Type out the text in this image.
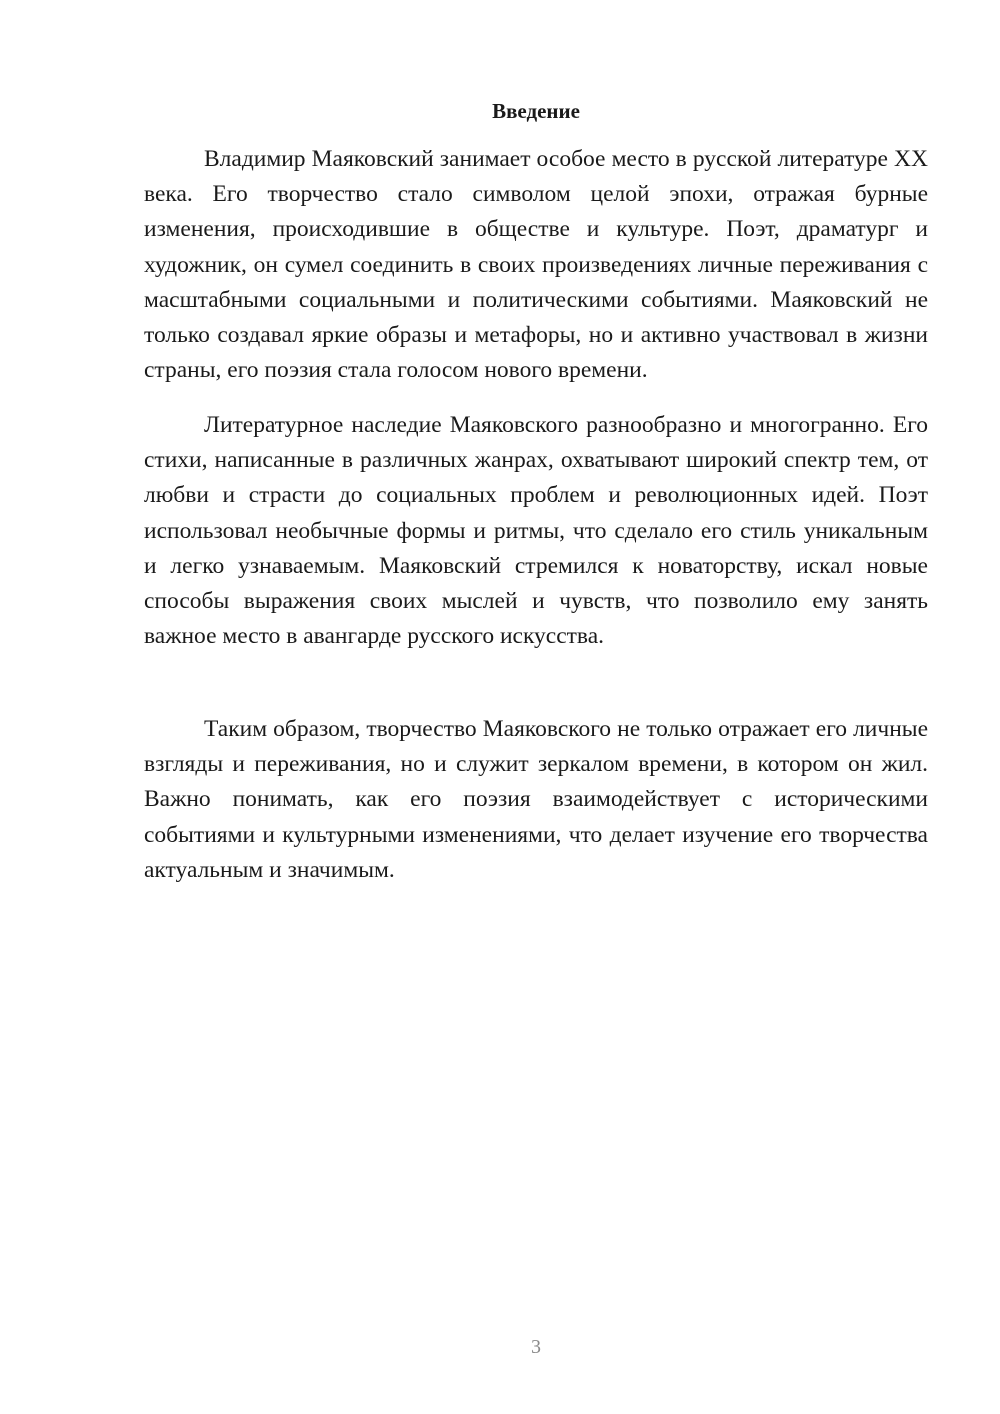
Введение

Владимир Маяковский занимает особое место в русской литературе XX века. Его творчество стало символом целой эпохи, отражая бурные изменения, происходившие в обществе и культуре. Поэт, драматург и художник, он сумел соединить в своих произведениях личные переживания с масштабными социальными и политическими событиями. Маяковский не только создавал яркие образы и метафоры, но и активно участвовал в жизни страны, его поэзия стала голосом нового времени.

Литературное наследие Маяковского разнообразно и многогранно. Его стихи, написанные в различных жанрах, охватывают широкий спектр тем, от любви и страсти до социальных проблем и революционных идей. Поэт использовал необычные формы и ритмы, что сделало его стиль уникальным и легко узнаваемым. Маяковский стремился к новаторству, искал новые способы выражения своих мыслей и чувств, что позволило ему занять важное место в авангарде русского искусства.

Таким образом, творчество Маяковского не только отражает его личные взгляды и переживания, но и служит зеркалом времени, в котором он жил. Важно понимать, как его поэзия взаимодействует с историческими событиями и культурными изменениями, что делает изучение его творчества актуальным и значимым.

3
